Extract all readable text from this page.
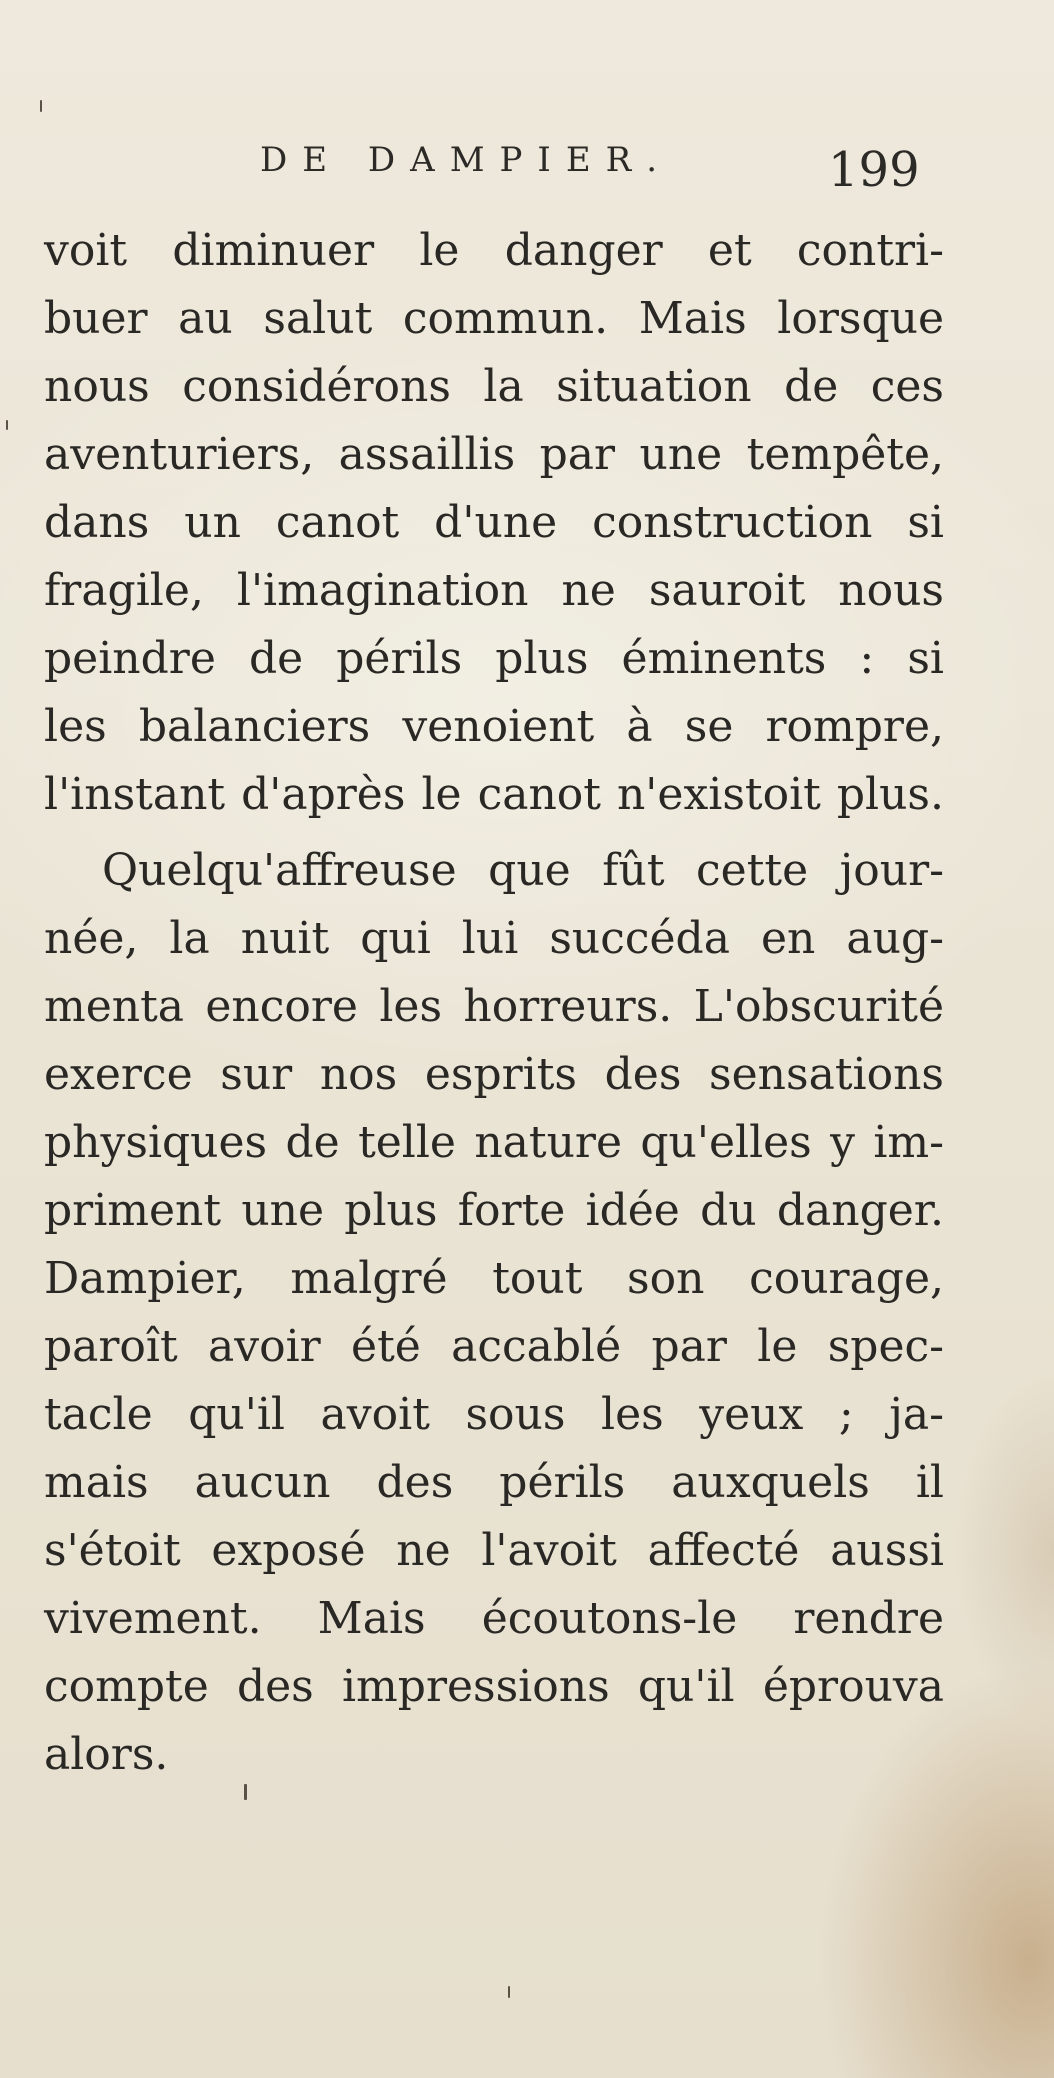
DE DAMPIER.	199
voit diminuer le danger et contri-
buer au salut commun. Mais lorsque
nous considérons la situation de ces
aventuriers, assaillis par une tempête,
dans un canot d'une construction si
fragile, l'imagination ne sauroit nous
peindre de périls plus éminents : si
les balanciers venoient à se rompre,
l'instant d'après le canot n'existoit plus.
Quelqu'affreuse que fût cette jour-
née, la nuit qui lui succéda en aug-
menta encore les horreurs. L'obscurité
exerce sur nos esprits des sensations
physiques de telle nature qu'elles y im-
priment une plus forte idée du danger.
Dampier, malgré tout son courage,
paroît avoir été accablé par le spec-
tacle qu'il avoit sous les yeux ; ja-
mais aucun des périls auxquels il
s'étoit exposé ne l'avoit affecté aussi
vivement. Mais écoutons-le rendre
compte des impressions qu'il éprouva
alors.
